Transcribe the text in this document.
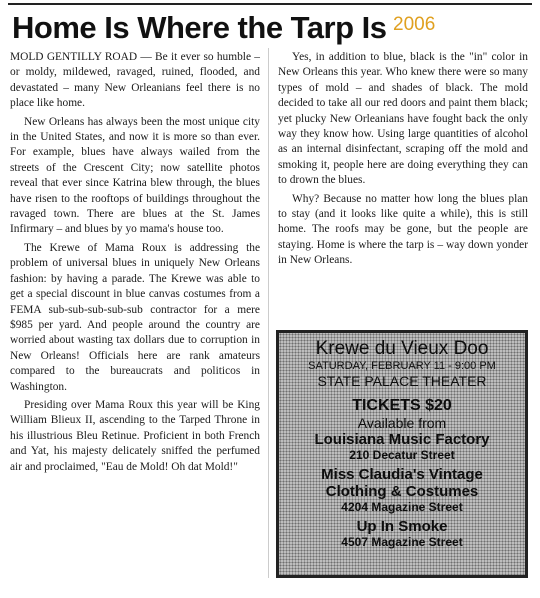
Home Is Where the Tarp Is 2006

MOLD GENTILLY ROAD — Be it ever so humble – or moldy, mildewed, ravaged, ruined, flooded, and devastated – many New Orleanians feel there is no place like home.

New Orleans has always been the most unique city in the United States, and now it is more so than ever. For example, blues have always wailed from the streets of the Crescent City; now satellite photos reveal that ever since Katrina blew through, the blues have risen to the rooftops of buildings throughout the ravaged town. There are blues at the St. James Infirmary – and blues by yo mama's house too.

The Krewe of Mama Roux is addressing the problem of universal blues in uniquely New Orleans fashion: by having a parade. The Krewe was able to get a special discount in blue canvas costumes from a FEMA sub-sub-sub-sub-sub contractor for a mere $985 per yard. And people around the country are worried about wasting tax dollars due to corruption in New Orleans! Officials here are rank amateurs compared to the bureaucrats and politicos in Washington.

Presiding over Mama Roux this year will be King William Blieux II, ascending to the Tarped Throne in his illustrious Bleu Retinue. Proficient in both French and Yat, his majesty delicately sniffed the perfumed air and proclaimed, "Eau de Mold! Oh dat Mold!"

Yes, in addition to blue, black is the "in" color in New Orleans this year. Who knew there were so many types of mold – and shades of black. The mold decided to take all our red doors and paint them black; yet plucky New Orleanians have fought back the only way they know how. Using large quantities of alcohol as an internal disinfectant, scraping off the mold and smoking it, people here are doing everything they can to drown the blues.

Why? Because no matter how long the blues plan to stay (and it looks like quite a while), this is still home. The roofs may be gone, but the people are staying. Home is where the tarp is – way down yonder in New Orleans.

Krewe du Vieux Doo
SATURDAY, FEBRUARY 11 - 9:00 PM
STATE PALACE THEATER
TICKETS $20
Available from
Louisiana Music Factory
210 Decatur Street
Miss Claudia's Vintage Clothing & Costumes
4204 Magazine Street
Up In Smoke
4507 Magazine Street
